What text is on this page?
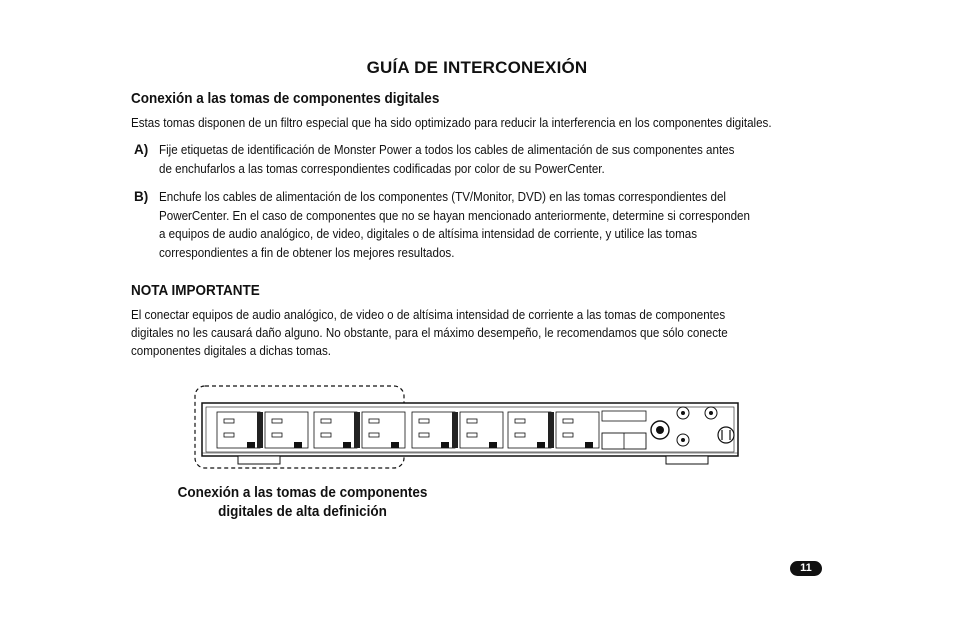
GUÍA DE INTERCONEXIÓN
Conexión a las tomas de componentes digitales
Estas tomas disponen de un filtro especial que ha sido optimizado para reducir la interferencia en los componentes digitales.
A) Fije etiquetas de identificación de Monster Power a todos los cables de alimentación de sus componentes antes
de enchufarlos a las tomas correspondientes codificadas por color de su PowerCenter.
B) Enchufe los cables de alimentación de los componentes (TV/Monitor, DVD) en las tomas correspondientes del
PowerCenter. En el caso de componentes que no se hayan mencionado anteriormente, determine si corresponden
a equipos de audio analógico, de video, digitales o de altísima intensidad de corriente, y utilice las tomas
correspondientes a fin de obtener los mejores resultados.
NOTA IMPORTANTE
El conectar equipos de audio analógico, de video o de altísima intensidad de corriente a las tomas de componentes
digitales no les causará daño alguno. No obstante, para el máximo desempeño, le recomendamos que sólo conecte
componentes digitales a dichas tomas.
Conexión a las tomas de componentes
digitales de alta definición
11
